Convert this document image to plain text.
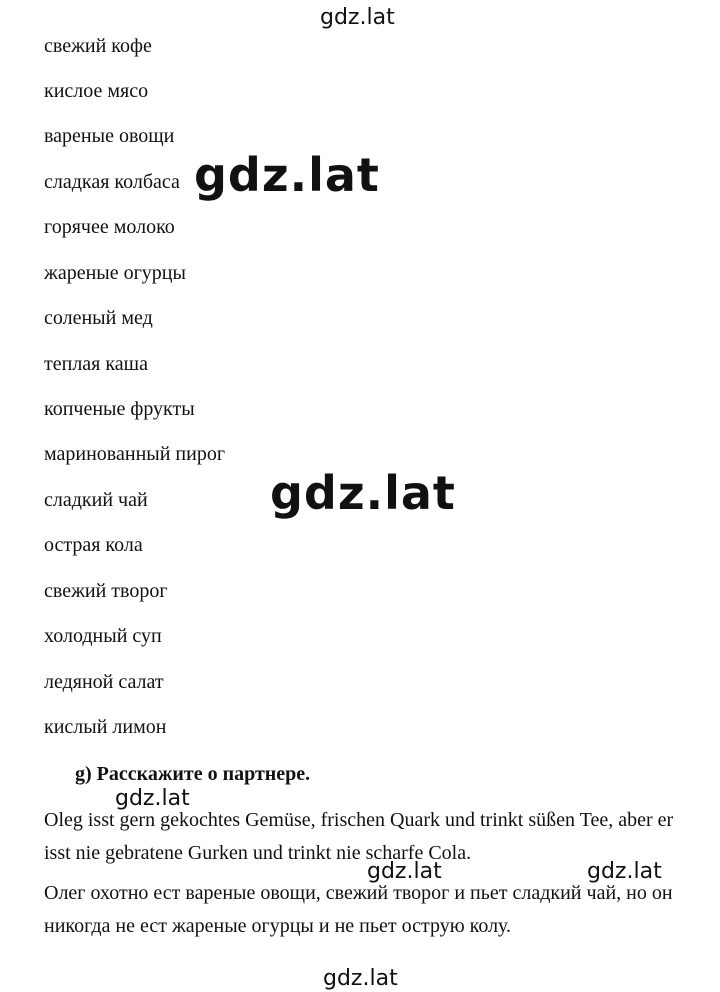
gdz.lat
свежий кофе
кислое мясо
вареные овощи
сладкая колбаса
горячее молоко
жареные огурцы
соленый мед
теплая каша
копченые фрукты
маринованный пирог
сладкий чай
острая кола
свежий творог
холодный суп
ледяной салат
кислый лимон
gdz.lat
gdz.lat
g) Расскажите о партнере.
Oleg isst gern gekochtes Gemüse, frischen Quark und trinkt süßen Tee, aber er isst nie gebratene Gurken und trinkt nie scharfe Cola.
Олег охотно ест вареные овощи, свежий творог и пьет сладкий чай, но он никогда не ест жареные огурцы и не пьет острую колу.
gdz.lat
gdz.lat	gdz.lat
gdz.lat
